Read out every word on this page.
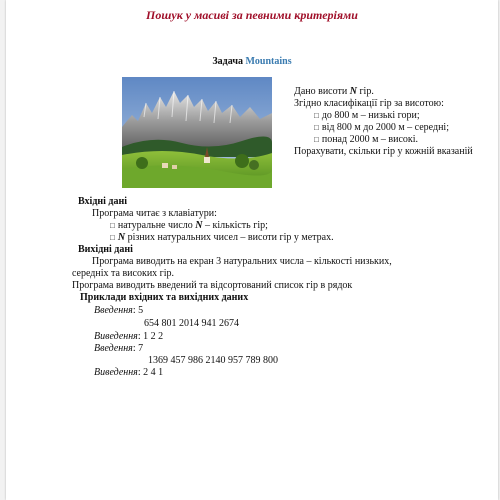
Пошук у масиві за певними критеріями
Задача Mountains
Дано висоти N гір.
Згідно класифікації гір за висотою:
□ до 800 м – низькі гори;
□ від 800 м до 2000 м – середні;
□ понад 2000 м – високі.
Порахувати, скільки гір у кожній вказаній
Вхідні дані
Програма читає з клавіатури:
□ натуральне число N – кількість гір;
□ N різних натуральних чисел – висоти гір у метрах.
Вихідні дані
Програма виводить на екран 3 натуральних числа – кількості низьких,
середніх та високих гір.
Програма виводить введений та відсортований список гір в рядок
Приклади вхідних та вихідних даних
Введення: 5
654 801 2014 941 2674
Виведення: 1 2 2
Введення: 7
1369 457 986 2140 957 789 800
Виведення: 2 4 1
